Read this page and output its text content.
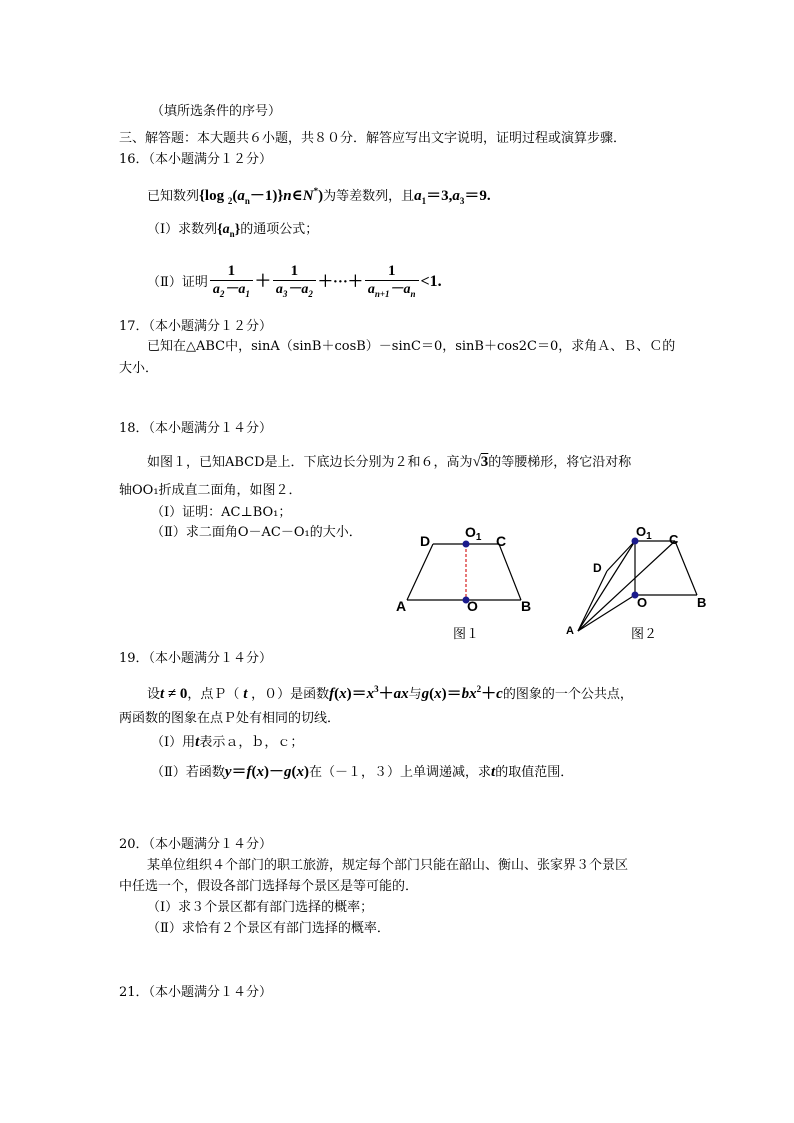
（填所选条件的序号）
三、解答题：本大题共６小题，共８０分．解答应写出文字说明，证明过程或演算步骤．
16．（本小题满分１２分）
已知数列{log $_2(a_n-1)\}n\in N^*$)为等差数列，且$a_1=3,a_3=9$.
（Ⅰ）求数列$\{a_n\}$的通项公式；
（Ⅱ）证明 $\frac{1}{a_2-a_1} + \frac{1}{a_3-a_2}$ ＋···＋ $\frac{1}{a_{n+1}-a_n} <1$.
17．（本小题满分１２分）
已知在△ABC中，sinA（sinB＋cosB）－sinC＝0，sinB＋cos2C＝0，求角Ａ、Ｂ、Ｃ的
大小．
18．（本小题满分１４分）
如图１，已知ABCD是上．下底边长分别为２和６，高为√3的等腰梯形，将它沿对称
轴OO₁折成直二面角，如图２．
（Ⅰ）证明：AC⊥BO₁；
（Ⅱ）求二面角O－AC－O₁的大小．
D
$O_1$ C
A	O	B
图１
$O_1$ C
D
O	B
A	图２
19．（本小题满分１４分）
设t ≠ 0，点Ｐ（ t ，０）是函数$f(x)=x^3+ax$与$g(x)=bx^2+c$的图象的一个公共点，
两函数的图象在点Ｐ处有相同的切线．
（Ⅰ）用t表示ａ，ｂ，ｃ；
（Ⅱ）若函数y＝f(x)－g(x)在（－１，３）上单调递减，求t的取值范围．
20．（本小题满分１４分）
某单位组织４个部门的职工旅游，规定每个部门只能在韶山、衡山、张家界３个景区
中任选一个，假设各部门选择每个景区是等可能的．
（Ⅰ）求３个景区都有部门选择的概率；
（Ⅱ）求恰有２个景区有部门选择的概率．
21．（本小题满分１４分）
